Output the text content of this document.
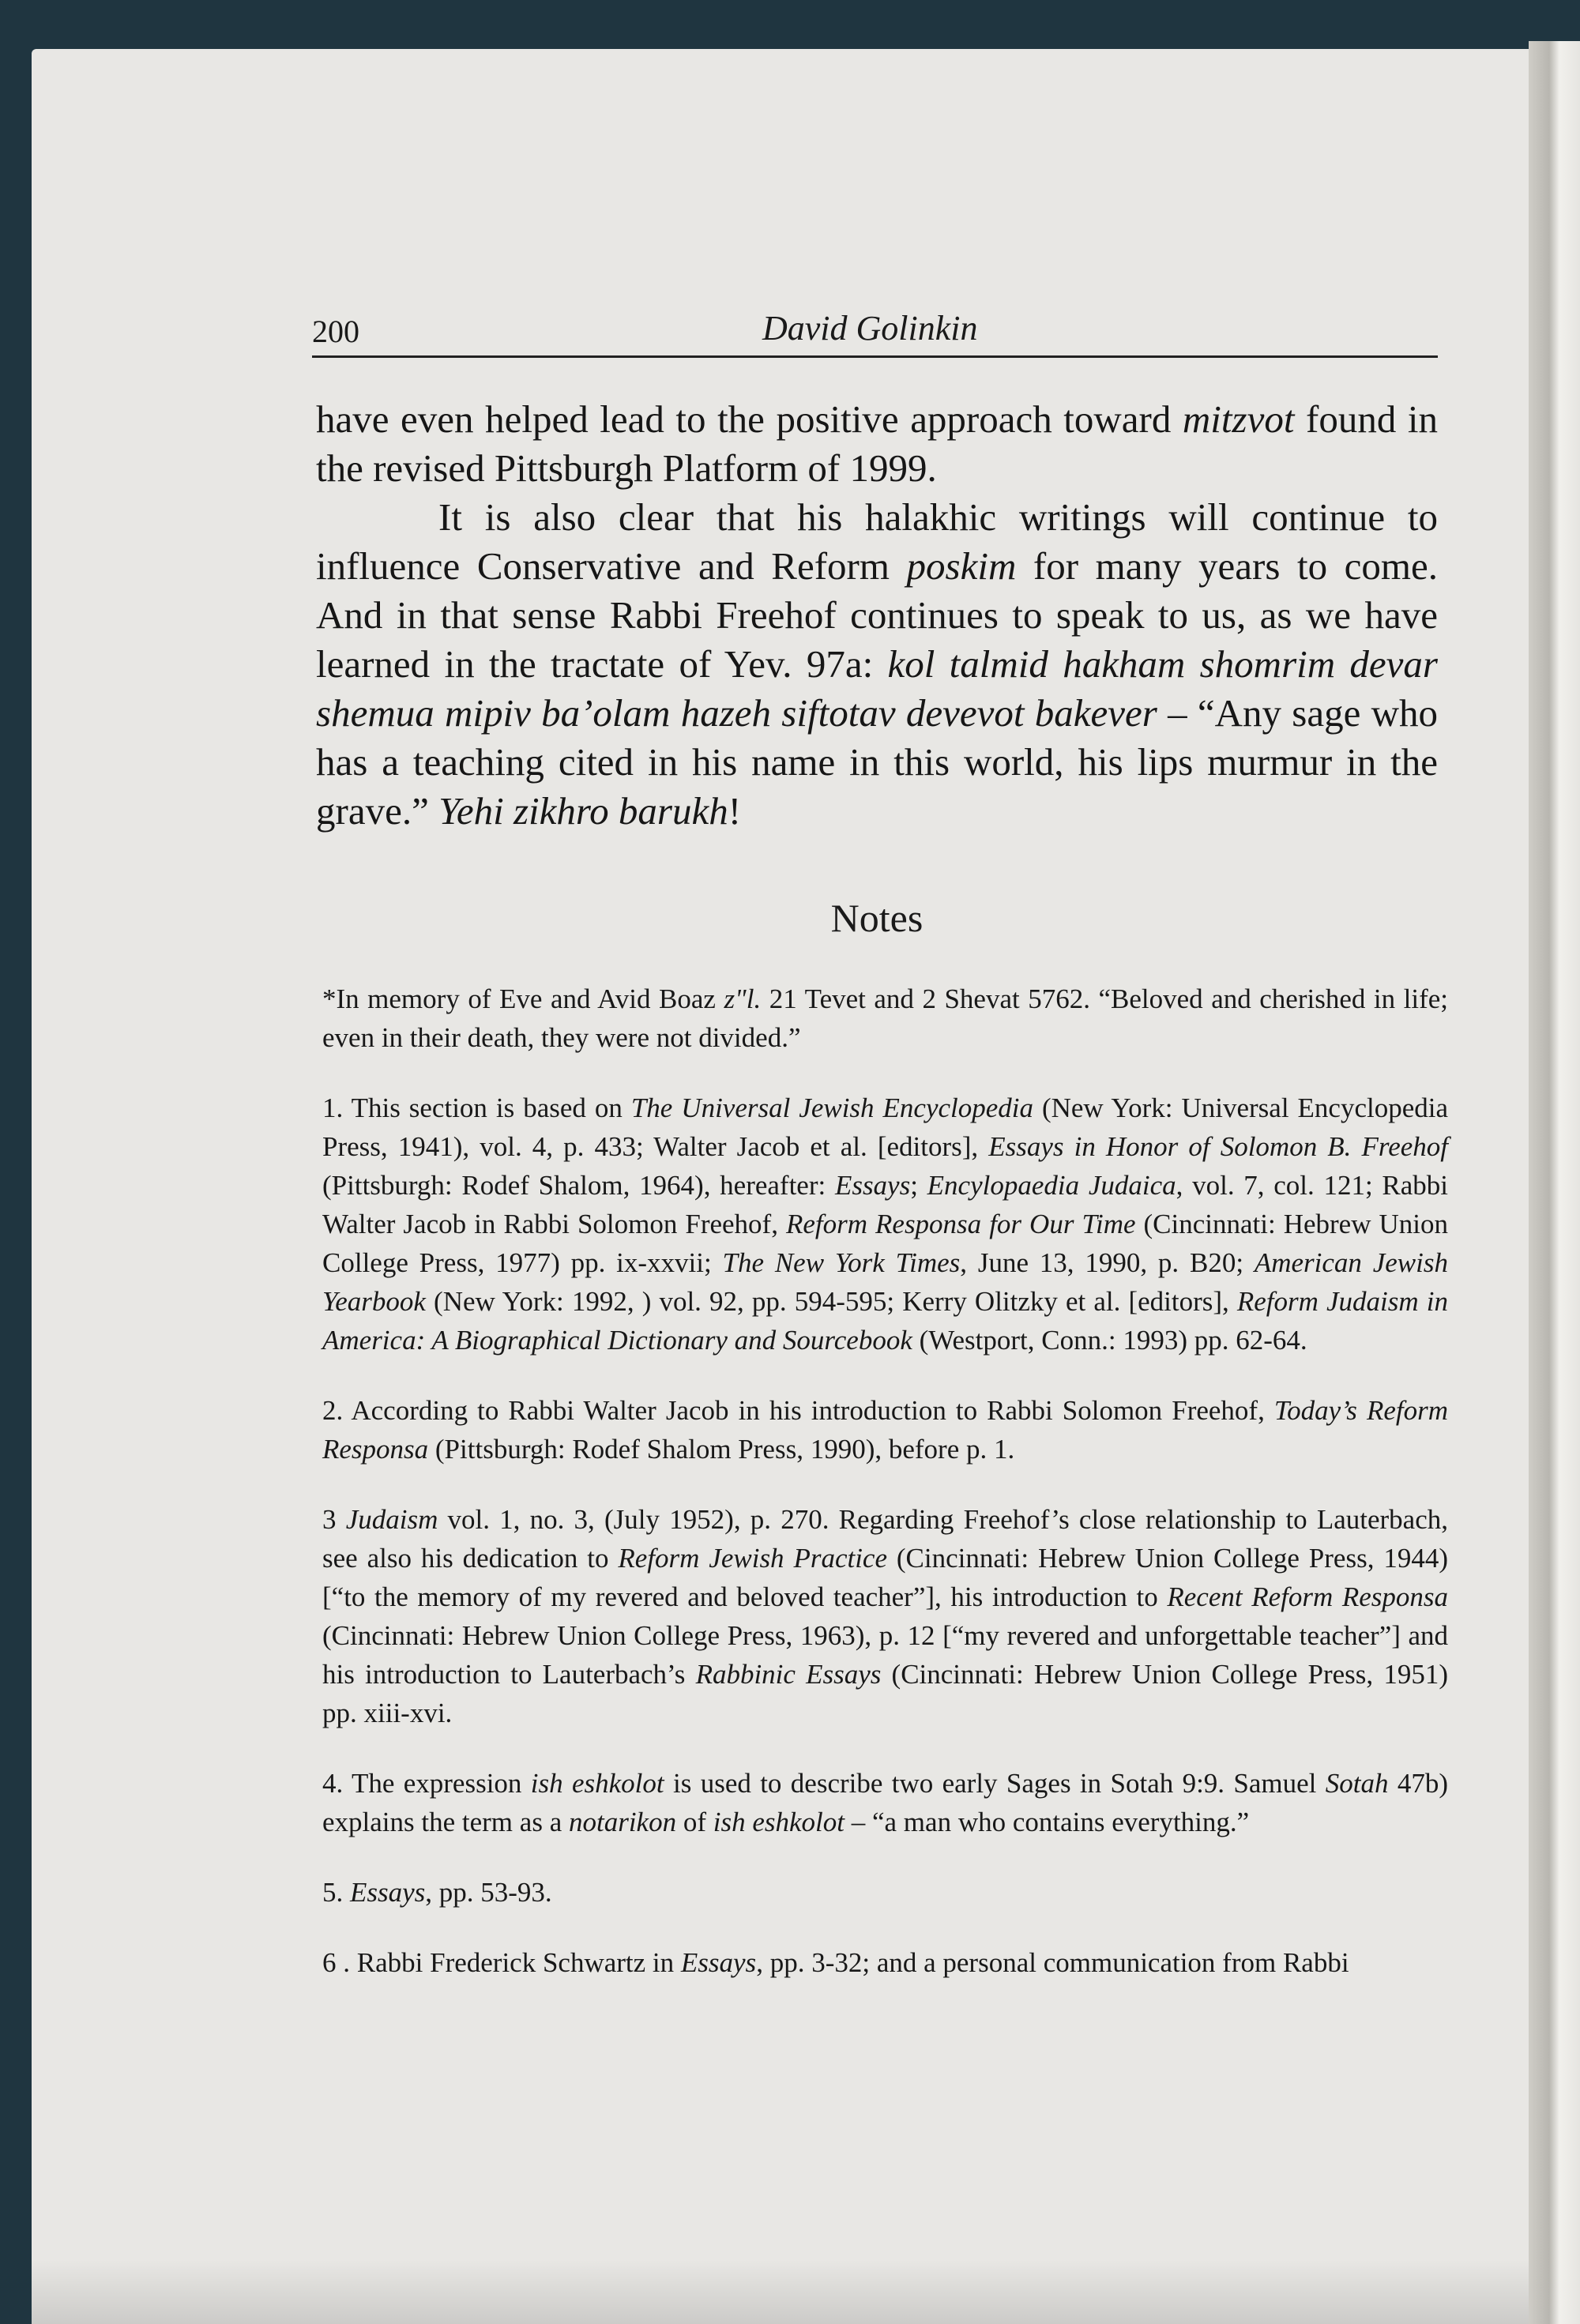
200	David Golinkin

have even helped lead to the positive approach toward mitzvot found in the revised Pittsburgh Platform of 1999.

It is also clear that his halakhic writings will continue to influence Conservative and Reform poskim for many years to come. And in that sense Rabbi Freehof continues to speak to us, as we have learned in the tractate of Yev. 97a: kol talmid hakham shomrim devar shemua mipiv ba’olam hazeh siftotav devevot bakever – “Any sage who has a teaching cited in his name in this world, his lips murmur in the grave.” Yehi zikhro barukh!

Notes

*In memory of Eve and Avid Boaz z"l. 21 Tevet and 2 Shevat 5762. “Beloved and cherished in life; even in their death, they were not divided.”

1. This section is based on The Universal Jewish Encyclopedia (New York: Universal Encyclopedia Press, 1941), vol. 4, p. 433; Walter Jacob et al. [editors], Essays in Honor of Solomon B. Freehof (Pittsburgh: Rodef Shalom, 1964), hereafter: Essays; Encylopaedia Judaica, vol. 7, col. 121; Rabbi Walter Jacob in Rabbi Solomon Freehof, Reform Responsa for Our Time (Cincinnati: Hebrew Union College Press, 1977) pp. ix-xxvii; The New York Times, June 13, 1990, p. B20; American Jewish Yearbook (New York: 1992, ) vol. 92, pp. 594-595; Kerry Olitzky et al. [editors], Reform Judaism in America: A Biographical Dictionary and Sourcebook (Westport, Conn.: 1993) pp. 62-64.

2. According to Rabbi Walter Jacob in his introduction to Rabbi Solomon Freehof, Today’s Reform Responsa (Pittsburgh: Rodef Shalom Press, 1990), before p. 1.

3 Judaism vol. 1, no. 3, (July 1952), p. 270. Regarding Freehof’s close relationship to Lauterbach, see also his dedication to Reform Jewish Practice (Cincinnati: Hebrew Union College Press, 1944) [“to the memory of my revered and beloved teacher”], his introduction to Recent Reform Responsa (Cincinnati: Hebrew Union College Press, 1963), p. 12 [“my revered and unforgettable teacher”] and his introduction to Lauterbach’s Rabbinic Essays (Cincinnati: Hebrew Union College Press, 1951) pp. xiii-xvi.

4. The expression ish eshkolot is used to describe two early Sages in Sotah 9:9. Samuel Sotah 47b) explains the term as a notarikon of ish eshkolot – “a man who contains everything.”

5. Essays, pp. 53-93.

6 . Rabbi Frederick Schwartz in Essays, pp. 3-32; and a personal communication from Rabbi
